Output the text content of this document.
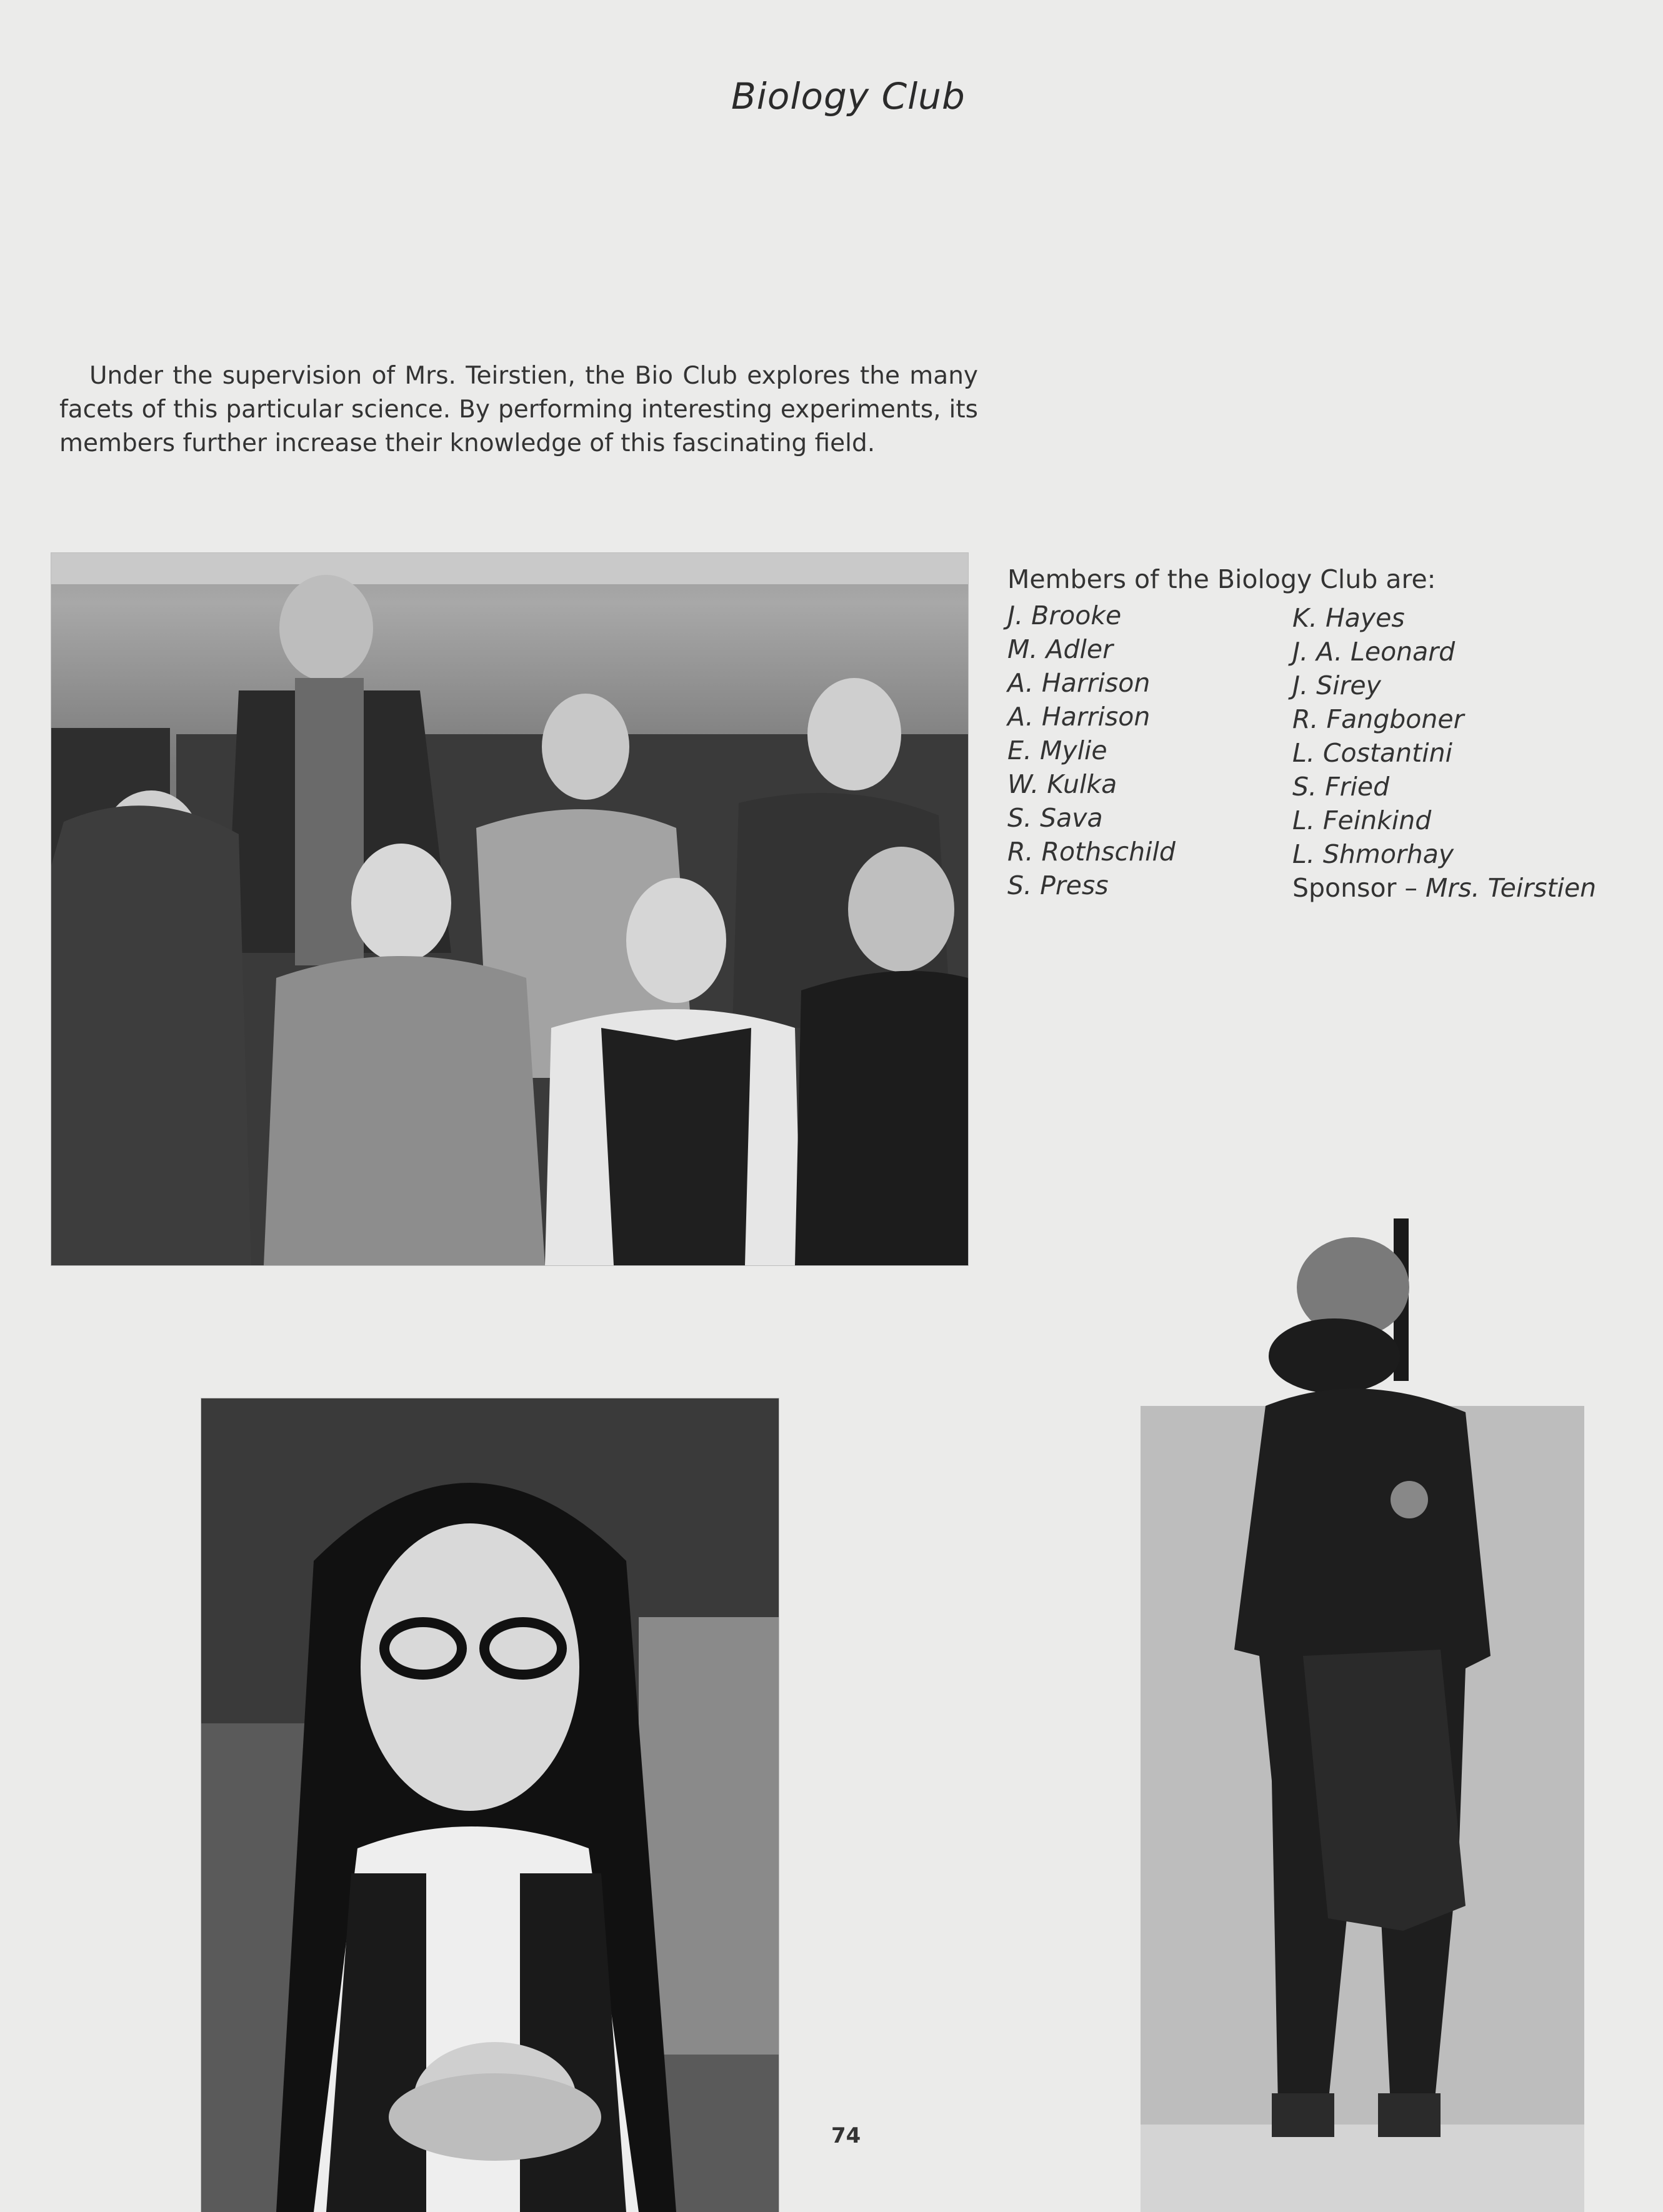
Biology Club
Under the supervision of Mrs. Teirstien, the Bio Club explores the many facets of this particular science. By performing interesting experiments, its members further increase their knowledge of this fascinating field.
Members of the Biology Club are:
J. Brooke
M. Adler
A. Harrison
A. Harrison
E. Mylie
W. Kulka
S. Sava
R. Rothschild
S. Press
K. Hayes
J. A. Leonard
J. Sirey
R. Fangboner
L. Costantini
S. Fried
L. Feinkind
L. Shmorhay
Sponsor – Mrs. Teirstien
74
